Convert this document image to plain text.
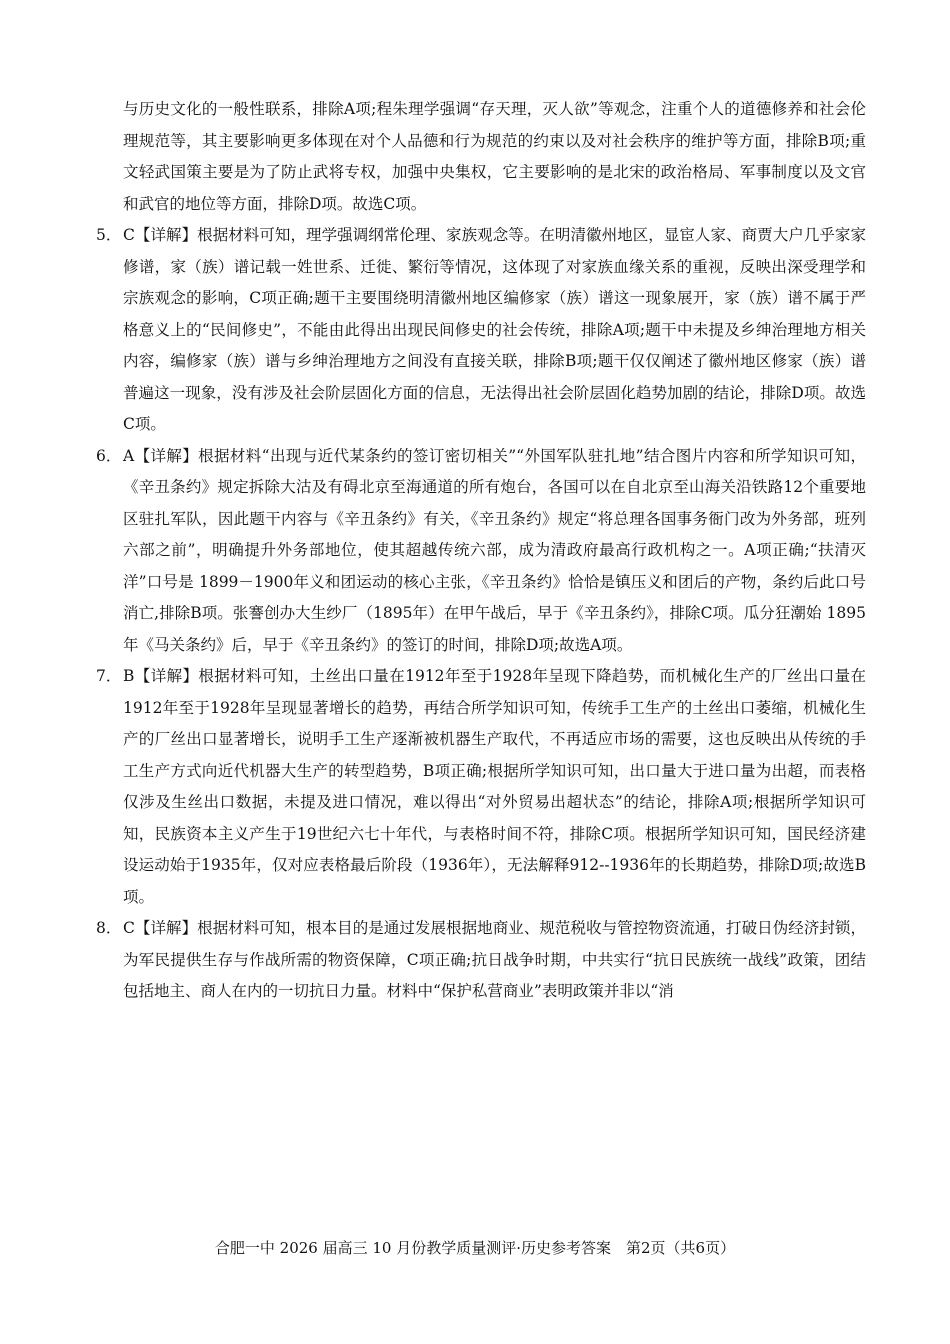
与历史文化的一般性联系，排除A项;程朱理学强调“存天理，灭人欲”等观念，注重个人的道德修养和社会伦理规范等，其主要影响更多体现在对个人品德和行为规范的约束以及对社会秩序的维护等方面，排除B项;重文轻武国策主要是为了防止武将专权，加强中央集权，它主要影响的是北宋的政治格局、军事制度以及文官和武官的地位等方面，排除D项。故选C项。

5． C【详解】根据材料可知，理学强调纲常伦理、家族观念等。在明清徽州地区，显宦人家、商贾大户几乎家家修谱，家（族）谱记载一姓世系、迁徙、繁衍等情况，这体现了对家族血缘关系的重视，反映出深受理学和宗族观念的影响，C项正确;题干主要围绕明清徽州地区编修家（族）谱这一现象展开，家（族）谱不属于严格意义上的“民间修史”，不能由此得出出现民间修史的社会传统，排除A项;题干中未提及乡绅治理地方相关内容，编修家（族）谱与乡绅治理地方之间没有直接关联，排除B项;题干仅仅阐述了徽州地区修家（族）谱普遍这一现象，没有涉及社会阶层固化方面的信息，无法得出社会阶层固化趋势加剧的结论，排除D项。故选C项。

6． A【详解】根据材料“出现与近代某条约的签订密切相关”“外国军队驻扎地”结合图片内容和所学知识可知，《辛丑条约》规定拆除大沽及有碍北京至海通道的所有炮台，各国可以在自北京至山海关沿铁路12个重要地区驻扎军队，因此题干内容与《辛丑条约》有关，《辛丑条约》规定“将总理各国事务衙门改为外务部，班列六部之前”，明确提升外务部地位，使其超越传统六部，成为清政府最高行政机构之一。A项正确;“扶清灭洋”口号是 1899－1900年义和团运动的核心主张，《辛丑条约》恰恰是镇压义和团后的产物，条约后此口号消亡,排除B项。张謇创办大生纱厂（1895年）在甲午战后，早于《辛丑条约》，排除C项。瓜分狂潮始 1895年《马关条约》后，早于《辛丑条约》的签订的时间，排除D项;故选A项。

7． B【详解】根据材料可知，土丝出口量在1912年至于1928年呈现下降趋势，而机械化生产的厂丝出口量在1912年至于1928年呈现显著增长的趋势，再结合所学知识可知，传统手工生产的土丝出口萎缩，机械化生产的厂丝出口显著增长，说明手工生产逐渐被机器生产取代，不再适应市场的需要，这也反映出从传统的手工生产方式向近代机器大生产的转型趋势，B项正确;根据所学知识可知，出口量大于进口量为出超，而表格仅涉及生丝出口数据，未提及进口情况，难以得出“对外贸易出超状态”的结论，排除A项;根据所学知识可知，民族资本主义产生于19世纪六七十年代，与表格时间不符，排除C项。根据所学知识可知，国民经济建设运动始于1935年，仅对应表格最后阶段（1936年），无法解释912--1936年的长期趋势，排除D项;故选B项。

8． C【详解】根据材料可知，根本目的是通过发展根据地商业、规范税收与管控物资流通，打破日伪经济封锁，为军民提供生存与作战所需的物资保障，C项正确;抗日战争时期，中共实行“抗日民族统一战线”政策，团结包括地主、商人在内的一切抗日力量。材料中“保护私营商业”表明政策并非以“消

合肥一中 2026 届高三 10 月份教学质量测评·历史参考答案　第2页（共6页）
